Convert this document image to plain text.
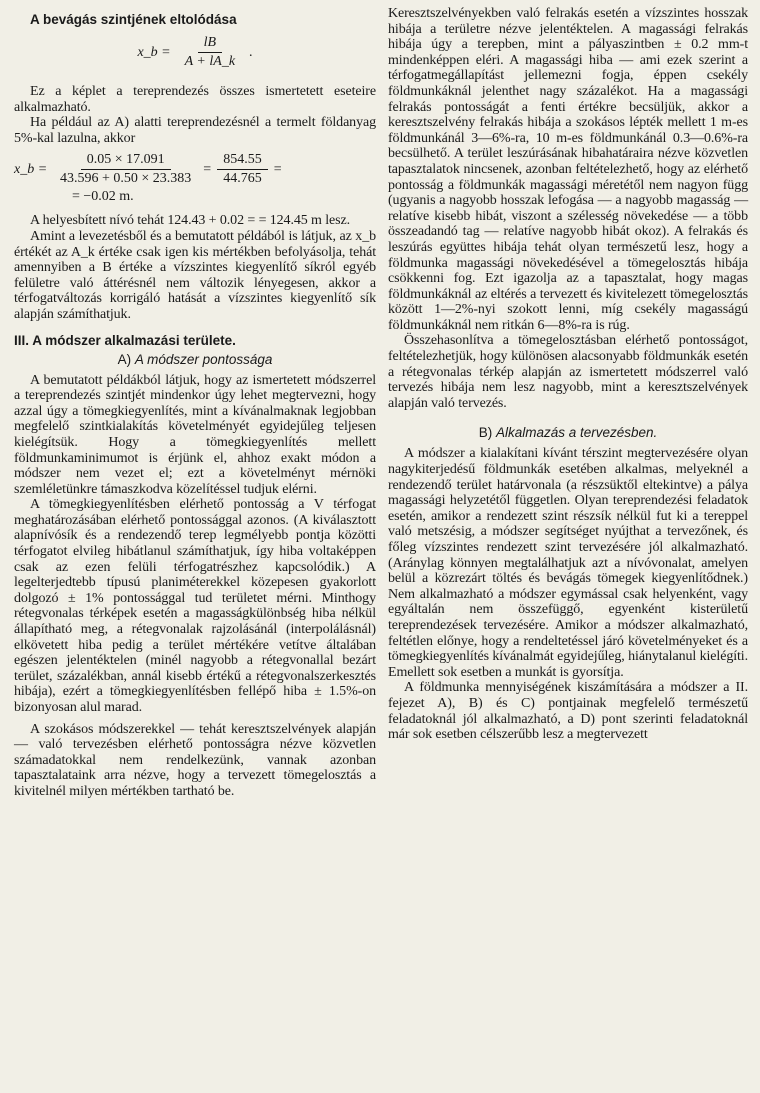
A bevágás szintjének eltolódása
x_b = $\frac{lB}{A + lA\_k}$ .

Ez a képlet a tereprendezés összes ismertetett eseteire alkalmazható.

Ha például az A) alatti tereprendezésnél a termelt földanyag 5%-kal lazulna, akkor

x_b = $\frac{0.05 \times 17.091}{43.596 + 0.50 \times 23.383} = \frac{854.55}{44.765}$ =
= −0.02 m.

A helyesbített nívó tehát 124.43 + 0.02 = = 124.45 m lesz.

Amint a levezetésből és a bemutatott példából is látjuk, az x_b értékét az A_k értéke csak igen kis mértékben befolyásolja, tehát amennyiben a B értéke a vízszintes kiegyenlítő síkról egyéb felületre való áttérésnél nem változik lényegesen, akkor a térfogatváltozás korrigáló hatását a vízszintes kiegyenlítő sík alapján számíthatjuk.

III. A módszer alkalmazási területe.
A) A módszer pontossága

A bemutatott példákból látjuk, hogy az ismertetett módszerrel a tereprendezés szintjét mindenkor úgy lehet megtervezni, hogy azzal úgy a tömegkiegyenlítés, mint a kívánalmaknak legjobban megfelelő szintkialakítás követelményét egyidejűleg teljesen kielégítsük. Hogy a tömegkiegyenlítés mellett földmunkaminimumot is érjünk el, ahhoz exakt módon a módszer nem vezet el; ezt a követelményt mérnöki szemléletünkre támaszkodva közelítéssel tudjuk elérni.

A tömegkiegyenlítésben elérhető pontosság a V térfogat meghatározásában elérhető pontossággal azonos. (A kiválasztott alapnívósík és a rendezendő terep legmélyebb pontja közötti térfogatot elvileg hibátlanul számíthatjuk, így hiba voltaképpen csak az ezen felüli térfogatrészhez kapcsolódik.) A legelterjedtebb típusú planiméterekkel közepesen gyakorlott dolgozó ± 1% pontossággal tud területet mérni. Minthogy rétegvonalas térképek esetén a magasságkülönbség hiba nélkül állapítható meg, a rétegvonalak rajzolásánál (interpolálásnál) elkövetett hiba pedig a terület mértékére vetítve általában egészen jelentéktelen (minél nagyobb a rétegvonallal bezárt terület, százalékban, annál kisebb értékű a rétegvonalszerkesztés hibája), ezért a tömegkiegyenlítésben fellépő hiba ± 1.5%-on bizonyosan alul marad.

A szokásos módszerekkel — tehát keresztszelvények alapján — való tervezésben elérhető pontosságra nézve közvetlen számadatokkal nem rendelkezünk, vannak azonban tapasztalataink arra nézve, hogy a tervezett tömegelosztás a kivitelnél milyen mértékben tartható be.

Keresztszelvényekben való felrakás esetén a vízszintes hosszak hibája a területre nézve jelentéktelen. A magassági felrakás hibája úgy a terepben, mint a pályaszintben ± 0.2 mm-t mindenképpen eléri. A magassági hiba — ami ezek szerint a térfogatmegállapítást jellemezni fogja, éppen csekély földmunkáknál jelenthet nagy százalékot. Ha a magassági felrakás pontosságát a fenti értékre becsüljük, akkor a keresztszelvény felrakás hibája a szokásos lépték mellett 1 m-es földmunkánál 3—6%-ra, 10 m-es földmunkánál 0.3—0.6%-ra becsülhető. A terület leszúrásának hibahatáraira nézve közvetlen tapasztalatok nincsenek, azonban feltételezhető, hogy az elérhető pontosság a földmunkák magassági méretétől nem nagyon függ (ugyanis a nagyobb hosszak lefogása — a nagyobb magasság — relatíve kisebb hibát, viszont a szélesség növekedése — a több összeadandó tag — relatíve nagyobb hibát okoz). A felrakás és leszúrás együttes hibája tehát olyan természetű lesz, hogy a földmunka magassági növekedésével a tömegelosztás hibája csökkenni fog. Ezt igazolja az a tapasztalat, hogy magas földmunkáknál az eltérés a tervezett és kivitelezett tömegelosztás között 1—2%-nyi szokott lenni, míg csekély magasságú földmunkáknál nem ritkán 6—8%-ra is rúg.

Összehasonlítva a tömegelosztásban elérhető pontosságot, feltételezhetjük, hogy különösen alacsonyabb földmunkák esetén a rétegvonalas térkép alapján az ismertetett módszerrel való tervezés hibája nem lesz nagyobb, mint a keresztszelvények alapján való tervezés.

B) Alkalmazás a tervezésben.

A módszer a kialakítani kívánt térszint megtervezésére olyan nagykiterjedésű földmunkák esetében alkalmas, melyeknél a rendezendő terület határvonala (a részsüktől eltekintve) a pálya magassági helyzetétől független. Olyan tereprendezési feladatok esetén, amikor a rendezett szint részsík nélkül fut ki a tereppel való metszésig, a módszer segítséget nyújthat a tervezőnek, és főleg vízszintes rendezett szint tervezésére jól alkalmazható. (Aránylag könnyen megtalálhatjuk azt a nívóvonalat, amelyen belül a közrezárt töltés és bevágás tömegek kiegyenlítődnek.) Nem alkalmazható a módszer egymással csak helyenként, vagy egyáltalán nem összefüggő, egyenként kisterületű tereprendezések tervezésére. Amikor a módszer alkalmazható, feltétlen előnye, hogy a rendeltetéssel járó követelményeket és a tömegkiegyenlítés kívánalmát egyidejűleg, hiánytalanul kielégíti. Emellett sok esetben a munkát is gyorsítja.

A földmunka mennyiségének kiszámítására a módszer a II. fejezet A), B) és C) pontjainak megfelelő természetű feladatoknál jól alkalmazható, a D) pont szerinti feladatoknál már sok esetben célszerűbb lesz a megtervezett
